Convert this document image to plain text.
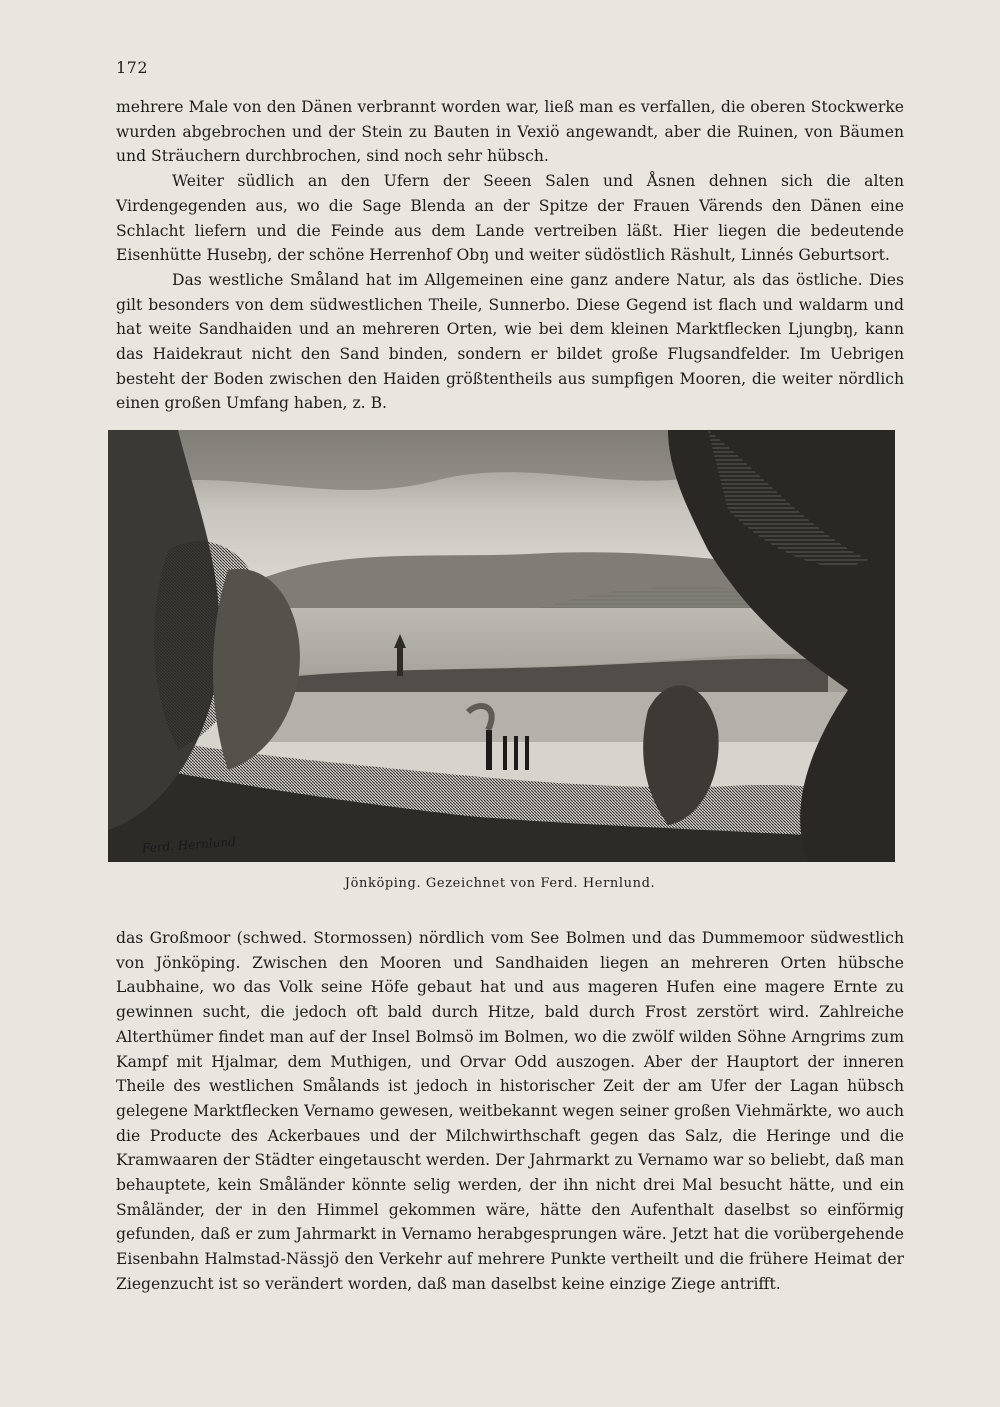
172

mehrere Male von den Dänen verbrannt worden war, ließ man es verfallen, die oberen Stockwerke wurden abgebrochen und der Stein zu Bauten in Vexiö angewandt, aber die Ruinen, von Bäumen und Sträuchern durchbrochen, sind noch sehr hübsch.

Weiter südlich an den Ufern der Seeen Salen und Åsnen dehnen sich die alten Virdengegenden aus, wo die Sage Blenda an der Spitze der Frauen Värends den Dänen eine Schlacht liefern und die Feinde aus dem Lande vertreiben läßt. Hier liegen die bedeutende Eisenhütte Husebŋ, der schöne Herrenhof Obŋ und weiter südöstlich Räshult, Linnés Geburtsort.

Das westliche Småland hat im Allgemeinen eine ganz andere Natur, als das östliche. Dies gilt besonders von dem südwestlichen Theile, Sunnerbo. Diese Gegend ist flach und waldarm und hat weite Sandhaiden und an mehreren Orten, wie bei dem kleinen Marktflecken Ljungbŋ, kann das Haidekraut nicht den Sand binden, sondern er bildet große Flugsandfelder. Im Uebrigen besteht der Boden zwischen den Haiden größtentheils aus sumpfigen Mooren, die weiter nördlich einen großen Umfang haben, z. B.

Ferd. Hernlund
Jönköping. Gezeichnet von Ferd. Hernlund.

das Großmoor (schwed. Stormossen) nördlich vom See Bolmen und das Dummemoor südwestlich von Jönköping. Zwischen den Mooren und Sandhaiden liegen an mehreren Orten hübsche Laubhaine, wo das Volk seine Höfe gebaut hat und aus mageren Hufen eine magere Ernte zu gewinnen sucht, die jedoch oft bald durch Hitze, bald durch Frost zerstört wird. Zahlreiche Alterthümer findet man auf der Insel Bolmsö im Bolmen, wo die zwölf wilden Söhne Arngrims zum Kampf mit Hjalmar, dem Muthigen, und Orvar Odd auszogen. Aber der Hauptort der inneren Theile des westlichen Smålands ist jedoch in historischer Zeit der am Ufer der Lagan hübsch gelegene Marktflecken Vernamo gewesen, weitbekannt wegen seiner großen Viehmärkte, wo auch die Producte des Ackerbaues und der Milchwirthschaft gegen das Salz, die Heringe und die Kramwaaren der Städter eingetauscht werden. Der Jahrmarkt zu Vernamo war so beliebt, daß man behauptete, kein Småländer könnte selig werden, der ihn nicht drei Mal besucht hätte, und ein Småländer, der in den Himmel gekommen wäre, hätte den Aufenthalt daselbst so einförmig gefunden, daß er zum Jahrmarkt in Vernamo herabgesprungen wäre. Jetzt hat die vorübergehende Eisenbahn Halmstad-Nässjö den Verkehr auf mehrere Punkte vertheilt und die frühere Heimat der Ziegenzucht ist so verändert worden, daß man daselbst keine einzige Ziege antrifft.
